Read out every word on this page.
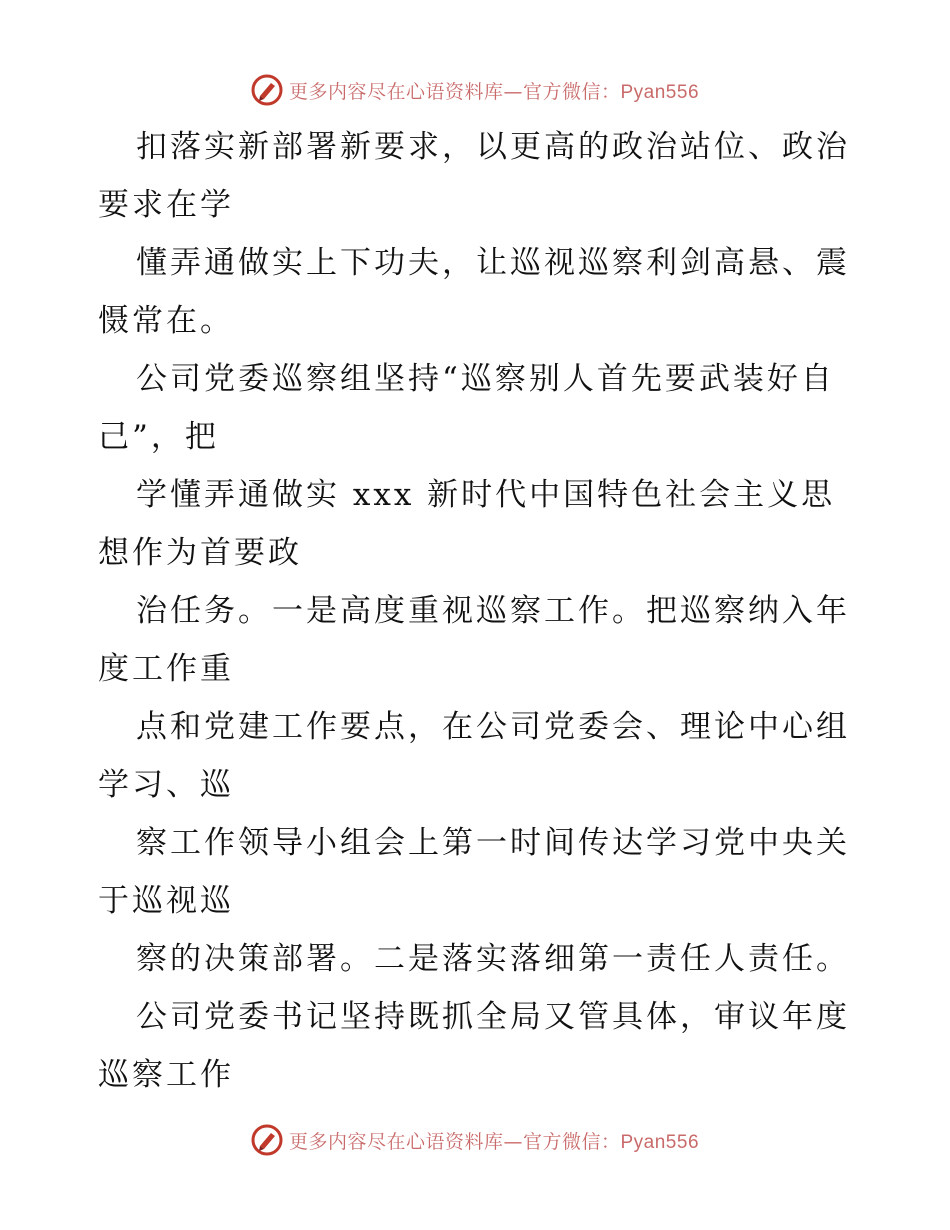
更多内容尽在心语资料库—官方微信：Pyan556

扣落实新部署新要求，以更高的政治站位、政治要求在学

懂弄通做实上下功夫，让巡视巡察利剑高悬、震慑常在。

公司党委巡察组坚持“巡察别人首先要武装好自己”，把

学懂弄通做实 xxx 新时代中国特色社会主义思想作为首要政

治任务。一是高度重视巡察工作。把巡察纳入年度工作重

点和党建工作要点，在公司党委会、理论中心组学习、巡

察工作领导小组会上第一时间传达学习党中央关于巡视巡

察的决策部署。二是落实落细第一责任人责任。

公司党委书记坚持既抓全局又管具体，审议年度巡察工作

更多内容尽在心语资料库—官方微信：Pyan556
